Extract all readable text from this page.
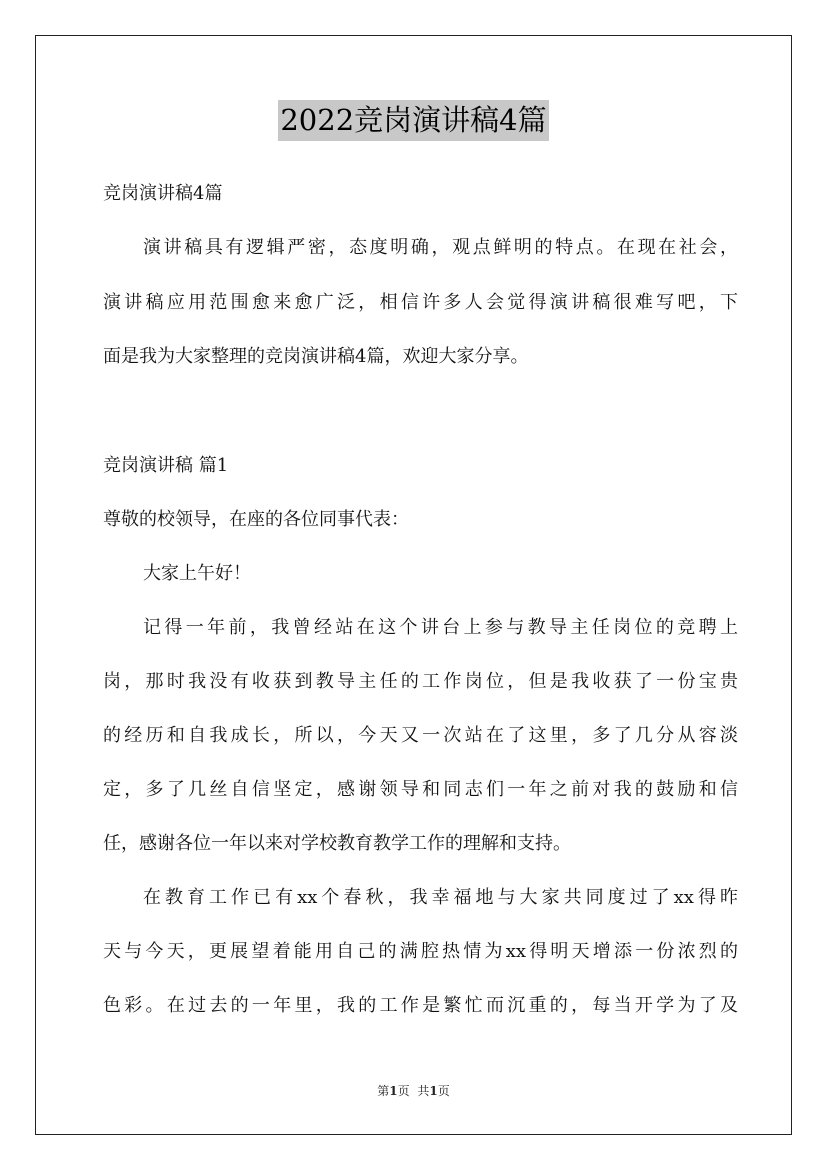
2022竞岗演讲稿4篇
竞岗演讲稿4篇
演讲稿具有逻辑严密，态度明确，观点鲜明的特点。在现在社会，
演讲稿应用范围愈来愈广泛，相信许多人会觉得演讲稿很难写吧，下
面是我为大家整理的竞岗演讲稿4篇，欢迎大家分享。
竞岗演讲稿 篇1
尊敬的校领导，在座的各位同事代表：
大家上午好！
记得一年前，我曾经站在这个讲台上参与教导主任岗位的竞聘上
岗，那时我没有收获到教导主任的工作岗位，但是我收获了一份宝贵
的经历和自我成长，所以，今天又一次站在了这里，多了几分从容淡
定，多了几丝自信坚定，感谢领导和同志们一年之前对我的鼓励和信
任，感谢各位一年以来对学校教育教学工作的理解和支持。
在教育工作已有xx个春秋，我幸福地与大家共同度过了xx得昨
天与今天，更展望着能用自己的满腔热情为xx得明天增添一份浓烈的
色彩。在过去的一年里，我的工作是繁忙而沉重的，每当开学为了及
第1页 共1页
